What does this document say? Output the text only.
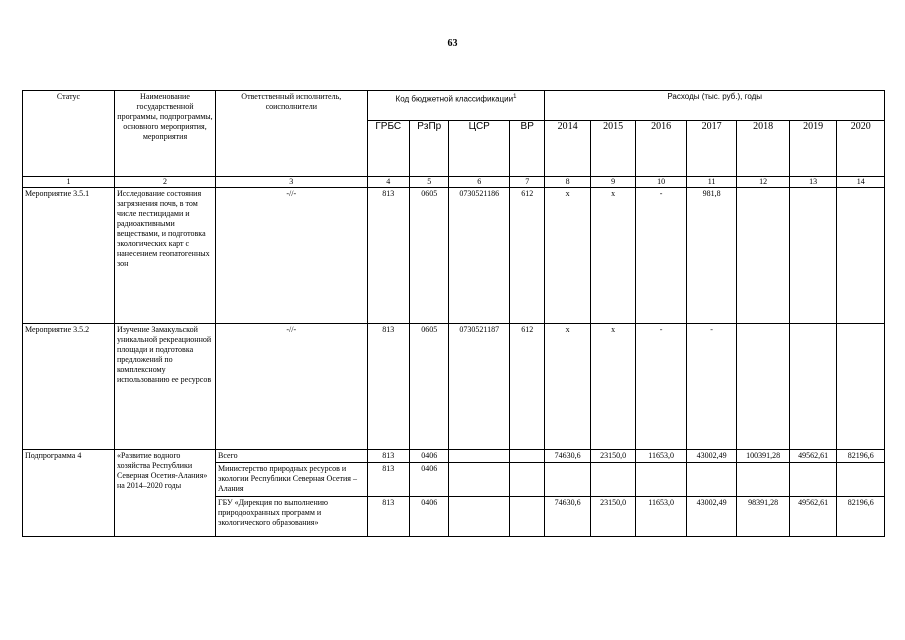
63
Статус	Наименование государственной программы, подпрограммы, основного мероприятия, мероприятия	Ответственный исполнитель, соисполнители	Код бюджетной классификации$^1$				Расходы (тыс. руб.), годы						
			ГРБС	РзПр	ЦСР	ВР	2014	2015	2016	2017	2018	2019	2020
1	2	3	4	5	6	7	8	9	10	11	12	13	14
Мероприятие 3.5.1	Исследование состояния загрязнения почв, в том числе пестицидами и радиоактивными веществами, и подготовка экологических карт с нанесением геопатогенных зон	-//-	813	0605	0730521186	612	х	х	-	981,8			
Мероприятие 3.5.2	Изучение Замакульской уникальной рекреационной площади и подготовка предложений по комплексному использованию ее ресурсов	-//-	813	0605	0730521187	612	х	х	-	-			
Подпрограмма 4	«Развитие водного хозяйства Республики Северная Осетия-Алания» на 2014–2020 годы	Всего	813	0406			74630,6	23150,0	11653,0	43002,49	100391,28	49562,61	82196,6
		Министерство природных ресурсов и экологии Республики Северная Осетия – Алания	813	0406									
		ГБУ «Дирекция по выполнению природоохранных программ и экологического образования»	813	0406			74630,6	23150,0	11653,0	43002,49	98391,28	49562,61	82196,6
